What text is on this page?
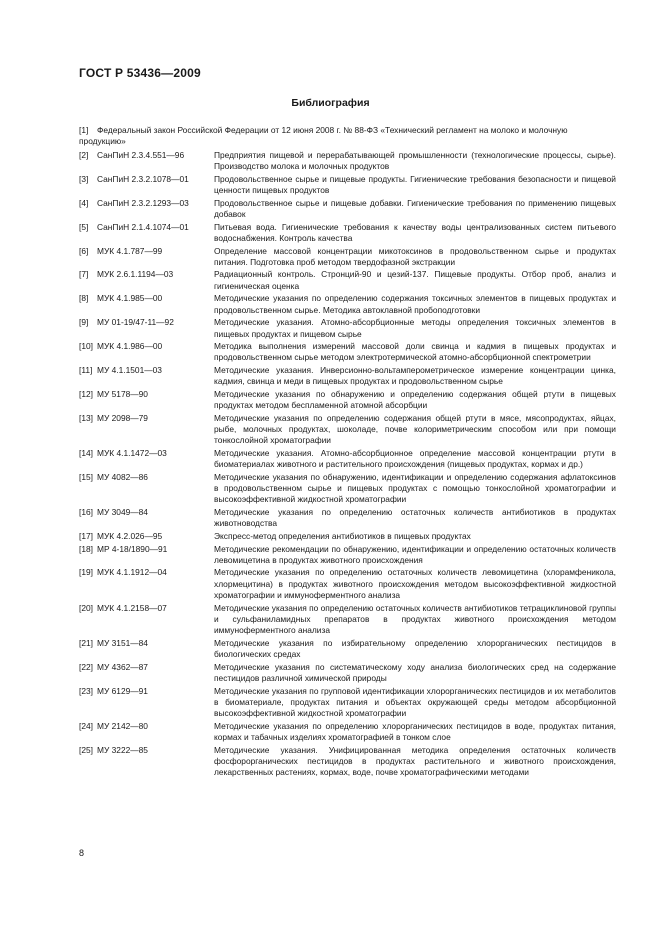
ГОСТ Р 53436—2009
Библиография
[1] Федеральный закон Российской Федерации от 12 июня 2008 г. № 88-ФЗ «Технический регламент на молоко и молочную продукцию»
[2] СанПиН 2.3.4.551—96	Предприятия пищевой и перерабатывающей промышленности (технологические процессы, сырье). Производство молока и молочных продуктов
[3] СанПиН 2.3.2.1078—01	Продовольственное сырье и пищевые продукты. Гигиенические требования безопасности и пищевой ценности пищевых продуктов
[4] СанПиН 2.3.2.1293—03	Продовольственное сырье и пищевые добавки. Гигиенические требования по применению пищевых добавок
[5] СанПиН 2.1.4.1074—01	Питьевая вода. Гигиенические требования к качеству воды централизованных систем питьевого водоснабжения. Контроль качества
[6] МУК 4.1.787—99	Определение массовой концентрации микотоксинов в продовольственном сырье и продуктах питания. Подготовка проб методом твердофазной экстракции
[7] МУК 2.6.1.1194—03	Радиационный контроль. Стронций-90 и цезий-137. Пищевые продукты. Отбор проб, анализ и гигиеническая оценка
[8] МУК 4.1.985—00	Методические указания по определению содержания токсичных элементов в пищевых продуктах и продовольственном сырье. Методика автоклавной пробоподготовки
[9] МУ 01-19/47-11—92	Методические указания. Атомно-абсорбционные методы определения токсичных элементов в пищевых продуктах и пищевом сырье
[10] МУК 4.1.986—00	Методика выполнения измерений массовой доли свинца и кадмия в пищевых продуктах и продовольственном сырье методом электротермической атомно-абсорбционной спектрометрии
[11] МУ 4.1.1501—03	Методические указания. Инверсионно-вольтамперометрическое измерение концентрации цинка, кадмия, свинца и меди в пищевых продуктах и продовольственном сырье
[12] МУ 5178—90	Методические указания по обнаружению и определению содержания общей ртути в пищевых продуктах методом беспламенной атомной абсорбции
[13] МУ 2098—79	Методические указания по определению содержания общей ртути в мясе, мясопродуктах, яйцах, рыбе, молочных продуктах, шоколаде, почве колориметрическим способом или при помощи тонкослойной хроматографии
[14] МУК 4.1.1472—03	Методические указания. Атомно-абсорбционное определение массовой концентрации ртути в биоматериалах животного и растительного происхождения (пищевых продуктах, кормах и др.)
[15] МУ 4082—86	Методические указания по обнаружению, идентификации и определению содержания афлатоксинов в продовольственном сырье и пищевых продуктах с помощью тонкослойной хроматографии и высокоэффективной жидкостной хроматографии
[16] МУ 3049—84	Методические указания по определению остаточных количеств антибиотиков в продуктах животноводства
[17] МУК 4.2.026—95	Экспресс-метод определения антибиотиков в пищевых продуктах
[18] МР 4-18/1890—91	Методические рекомендации по обнаружению, идентификации и определению остаточных количеств левомицетина в продуктах животного происхождения
[19] МУК 4.1.1912—04	Методические указания по определению остаточных количеств левомицетина (хлорамфеникола, хлормецитина) в продуктах животного происхождения методом высокоэффективной жидкостной хроматографии и иммуноферментного анализа
[20] МУК 4.1.2158—07	Методические указания по определению остаточных количеств антибиотиков тетрациклиновой группы и сульфаниламидных препаратов в продуктах животного происхождения методом иммуноферментного анализа
[21] МУ 3151—84	Методические указания по избирательному определению хлорорганических пестицидов в биологических средах
[22] МУ 4362—87	Методические указания по систематическому ходу анализа биологических сред на содержание пестицидов различной химической природы
[23] МУ 6129—91	Методические указания по групповой идентификации хлорорганических пестицидов и их метаболитов в биоматериале, продуктах питания и объектах окружающей среды методом абсорбционной высокоэффективной жидкостной хроматографии
[24] МУ 2142—80	Методические указания по определению хлорорганических пестицидов в воде, продуктах питания, кормах и табачных изделиях хроматографией в тонком слое
[25] МУ 3222—85	Методические указания. Унифицированная методика определения остаточных количеств фосфорорганических пестицидов в продуктах растительного и животного происхождения, лекарственных растениях, кормах, воде, почве хроматографическими методами
8
